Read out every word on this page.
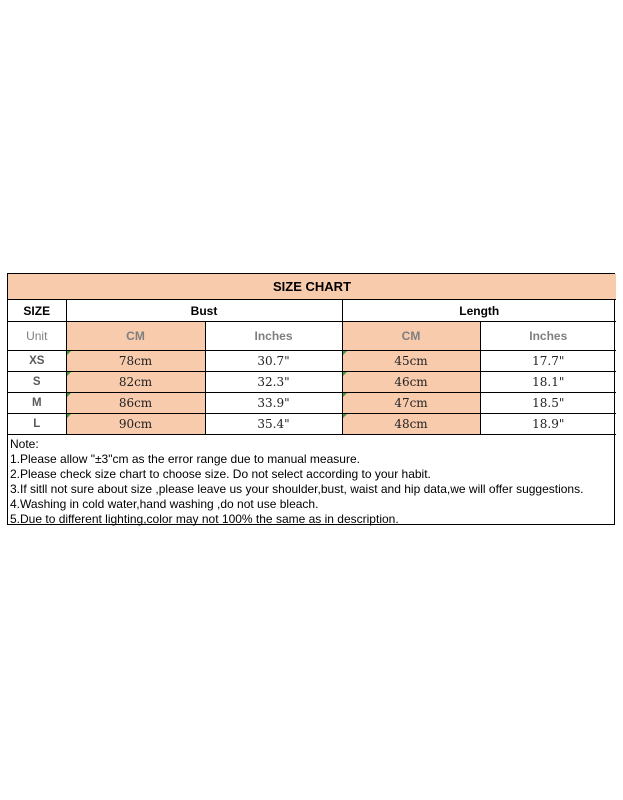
SIZE CHART				
SIZE	Bust		Length	
Unit	CM	Inches	CM	Inches
XS	78cm	30.7"	45cm	17.7"
S	82cm	32.3"	46cm	18.1"
M	86cm	33.9"	47cm	18.5"
L	90cm	35.4"	48cm	18.9"
Note:
1.Please allow "±3"cm as the error range due to manual measure.
2.Please check size chart to choose size. Do not select according to your habit.
3.If sitll not sure about size ,please leave us your shoulder,bust, waist and hip data,we will offer suggestions.
4.Washing in cold water,hand washing ,do not use bleach.
5.Due to different lighting,color may not 100% the same as in description.
